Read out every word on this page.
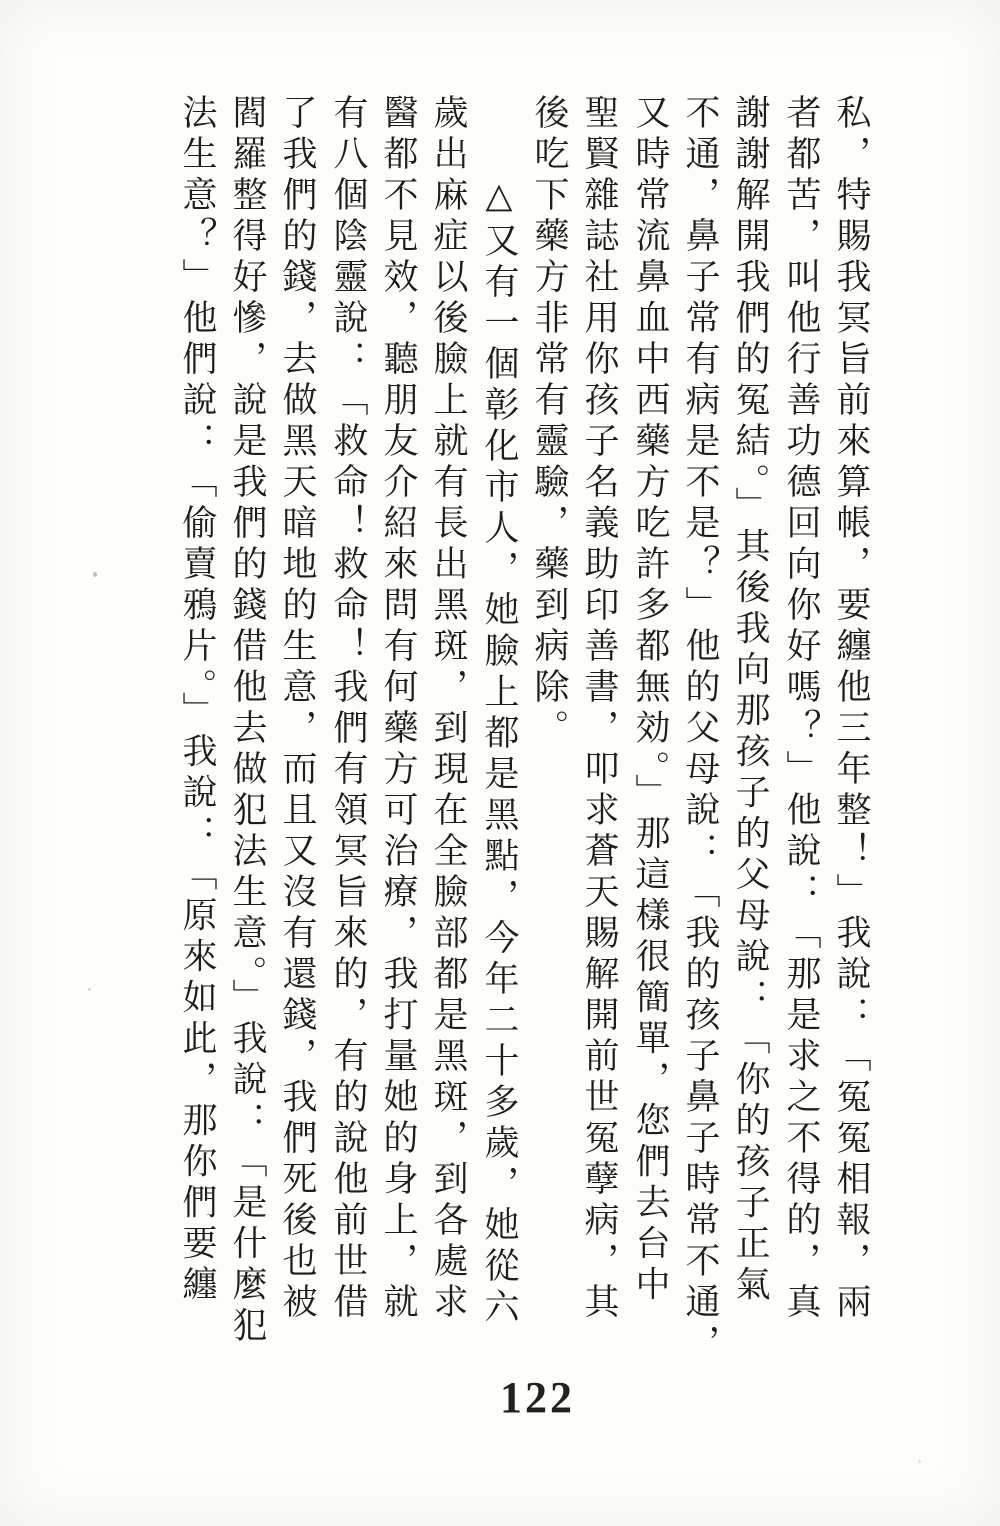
私，特賜我冥旨前來算帳，要纏他三年整！」我說：「冤冤相報，兩
者都苦，叫他行善功德回向你好嗎？」他說：「那是求之不得的，真
謝謝解開我們的冤結。」其後我向那孩子的父母說：「你的孩子正氣
不通，鼻子常有病是不是？」他的父母說：「我的孩子鼻子時常不通，
又時常流鼻血中西藥方吃許多都無効。」那這樣很簡單，您們去台中
聖賢雜誌社用你孩子名義助印善書，叩求蒼天賜解開前世冤孽病，其
後吃下藥方非常有靈驗，藥到病除。
　　△又有一個彰化市人，她臉上都是黑點，今年二十多歲，她從六
歲出麻症以後臉上就有長出黑斑，到現在全臉部都是黑斑，到各處求
醫都不見效，聽朋友介紹來問有何藥方可治療，我打量她的身上，就
有八個陰靈說：「救命！救命！我們有領冥旨來的，有的說他前世借
了我們的錢，去做黑天暗地的生意，而且又沒有還錢，我們死後也被
閻羅整得好慘，說是我們的錢借他去做犯法生意。」我說：「是什麼犯
法生意？」他們說：「偷賣鴉片。」我說：「原來如此，那你們要纏
122
